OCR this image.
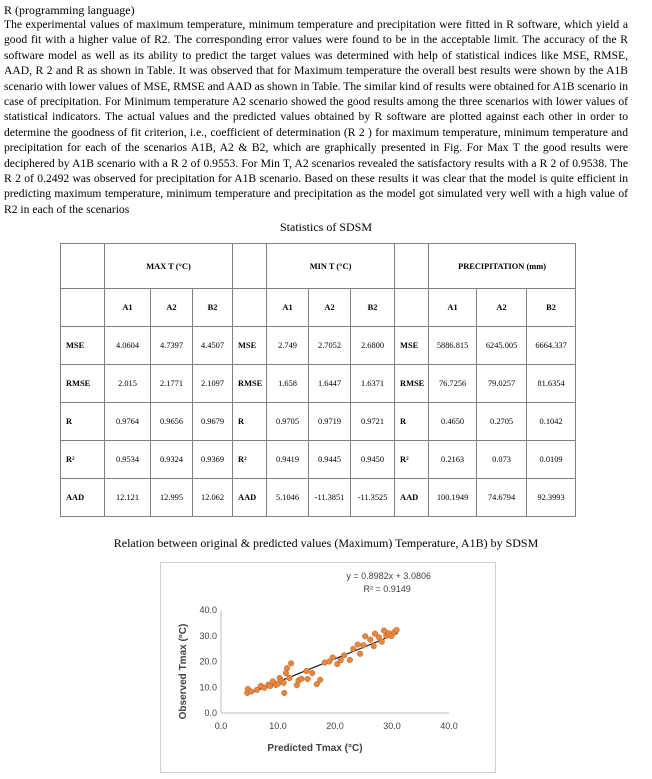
R (programming language)
The experimental values of maximum temperature, minimum temperature and precipitation were fitted in R software, which yield a good fit with a higher value of R2. The corresponding error values were found to be in the acceptable limit. The accuracy of the R software model as well as its ability to predict the target values was determined with help of statistical indices like MSE, RMSE, AAD, R 2 and R as shown in Table. It was observed that for Maximum temperature the overall best results were shown by the A1B scenario with lower values of MSE, RMSE and AAD as shown in Table. The similar kind of results were obtained for A1B scenario in case of precipitation. For Minimum temperature A2 scenario showed the good results among the three scenarios with lower values of statistical indicators. The actual values and the predicted values obtained by R software are plotted against each other in order to determine the goodness of fit criterion, i.e., coefficient of determination (R 2 ) for maximum temperature, minimum temperature and precipitation for each of the scenarios A1B, A2 & B2, which are graphically presented in Fig. For Max T the good results were deciphered by A1B scenario with a R 2 of 0.9553. For Min T, A2 scenarios revealed the satisfactory results with a R 2 of 0.9538. The R 2 of 0.2492 was observed for precipitation for A1B scenario. Based on these results it was clear that the model is quite efficient in predicting maximum temperature, minimum temperature and precipitation as the model got simulated very well with a high value of R2 in each of the scenarios
Statistics of SDSM
	MAX T (°C)				MIN T (°C)				PRECIPITATION (mm)		
	A1	A2	B2		A1	A2	B2		A1	A2	B2
MSE	4.0604	4.7397	4.4507	MSE	2.749	2.7052	2.6800	MSE	5886.815	6245.005	6664.337
RMSE	2.015	2.1771	2.1097	RMSE	1.658	1.6447	1.6371	RMSE	76.7256	79.0257	81.6354
R	0.9764	0.9656	0.9679	R	0.9705	0.9719	0.9721	R	0.4650	0.2705	0.1042
R²	0.9534	0.9324	0.9369	R²	0.9419	0.9445	0.9450	R²	0.2163	0.073	0.0109
AAD	12.121	12.995	12.062	AAD	5.1046	-11.3851	-11.3525	AAD	100.1949	74.6794	92.3993
Relation between original & predicted values (Maximum) Temperature, A1B) by SDSM
0.0
10.0
20.0
30.0
40.0
0.0	10.0	20.0	30.0	40.0
y = 0.8982x + 3.0806
R² = 0.9149
Predicted Tmax (°C)
Observed Tmax (°C)
